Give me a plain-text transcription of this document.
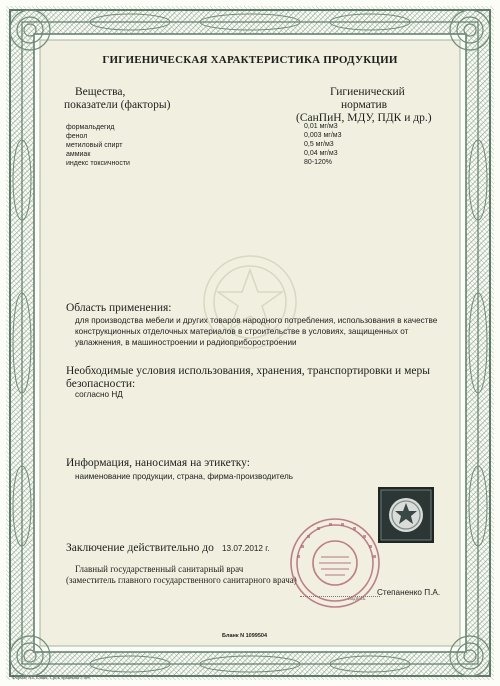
ГИГИЕНИЧЕСКАЯ ХАРАКТЕРИСТИКА ПРОДУКЦИИ
Вещества,
показатели (факторы)
Гигиенический
норматив
(СанПиН, МДУ, ПДК и др.)
формальдегид	0,01 мг/м3
фенол	0,003 мг/м3
метиловый спирт	0,5 мг/м3
аммиак	0,04 мг/м3
индекс токсичности	80-120%
Область применения:
для производства мебели и других товаров народного потребления, использования в качестве
конструкционных отделочных материалов в строительстве в условиях, защищенных от
увлажнения, в машиностроении и радиоприборостроении
Необходимые условия использования, хранения, транспортировки и меры
безопасности:
согласно НД
Информация, наносимая на этикетку:
наименование продукции, страна, фирма-производитель
Заключение действительно до 13.07.2012 г.
Главный государственный санитарный врач
(заместитель главного государственного санитарного врача)
подпись
Степаненко П.А.
Бланк N 1099504
Формат А4. Бланк. Срок хранения 5 лет.
